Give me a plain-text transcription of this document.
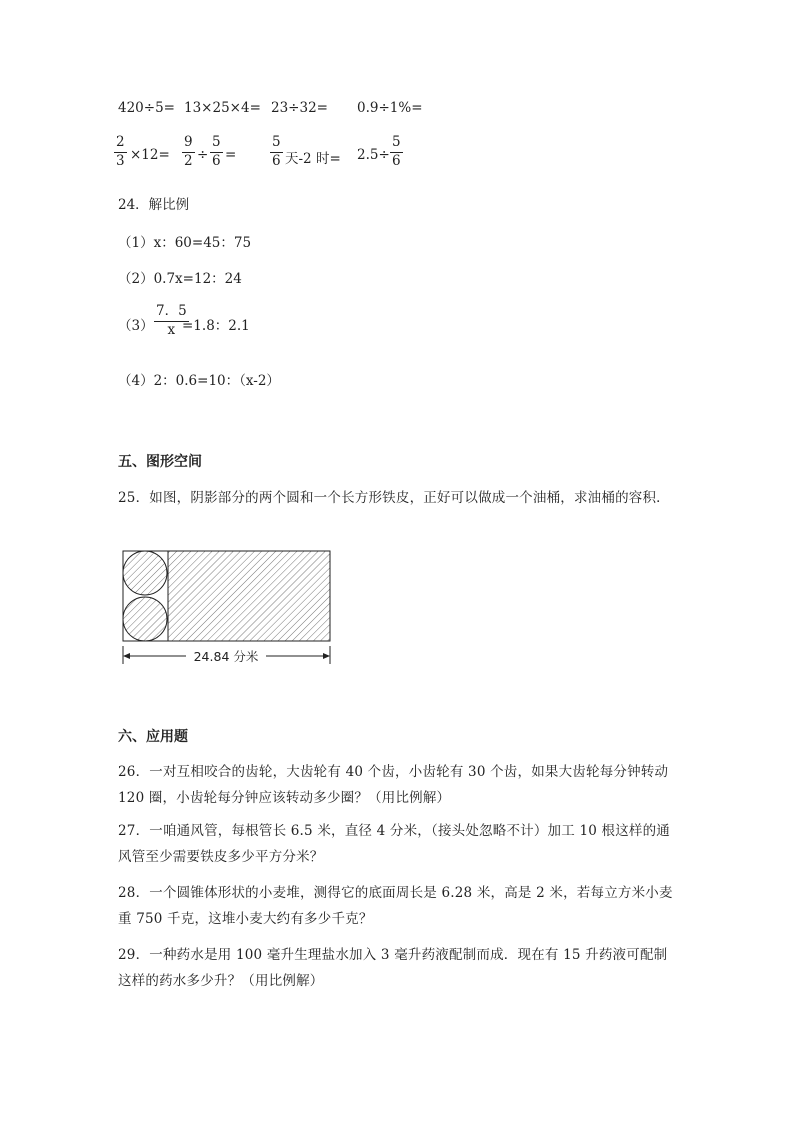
420÷5= 13×25×4= 23÷32= 0.9÷1%=
$\frac{2}{3} \times 12= \frac{9}{2} \div \frac{5}{6} = \frac{5}{6}$ 天-2 时= $2.5\div \frac{5}{6}$
24．解比例
（1）x：60=45：75
（2）0.7x=12：24
$(3) \frac{7.5}{x}$
=1.8：2.1
（4）2：0.6=10：（x-2）
五、图形空间
25．如图，阴影部分的两个圆和一个长方形铁皮，正好可以做成一个油桶，求油桶的容积．
24.84 分米
六、应用题
26．一对互相咬合的齿轮，大齿轮有 40 个齿，小齿轮有 30 个齿，如果大齿轮每分钟转动 120 圈，小齿轮每分钟应该转动多少圈？（用比例解）
27．一咱通风管，每根管长 6.5 米，直径 4 分米，（接头处忽略不计）加工 10 根这样的通风管至少需要铁皮多少平方分米？
28．一个圆锥体形状的小麦堆，测得它的底面周长是 6.28 米，高是 2 米，若每立方米小麦重 750 千克，这堆小麦大约有多少千克？
29．一种药水是用 100 毫升生理盐水加入 3 毫升药液配制而成．现在有 15 升药液可配制这样的药水多少升？（用比例解）
